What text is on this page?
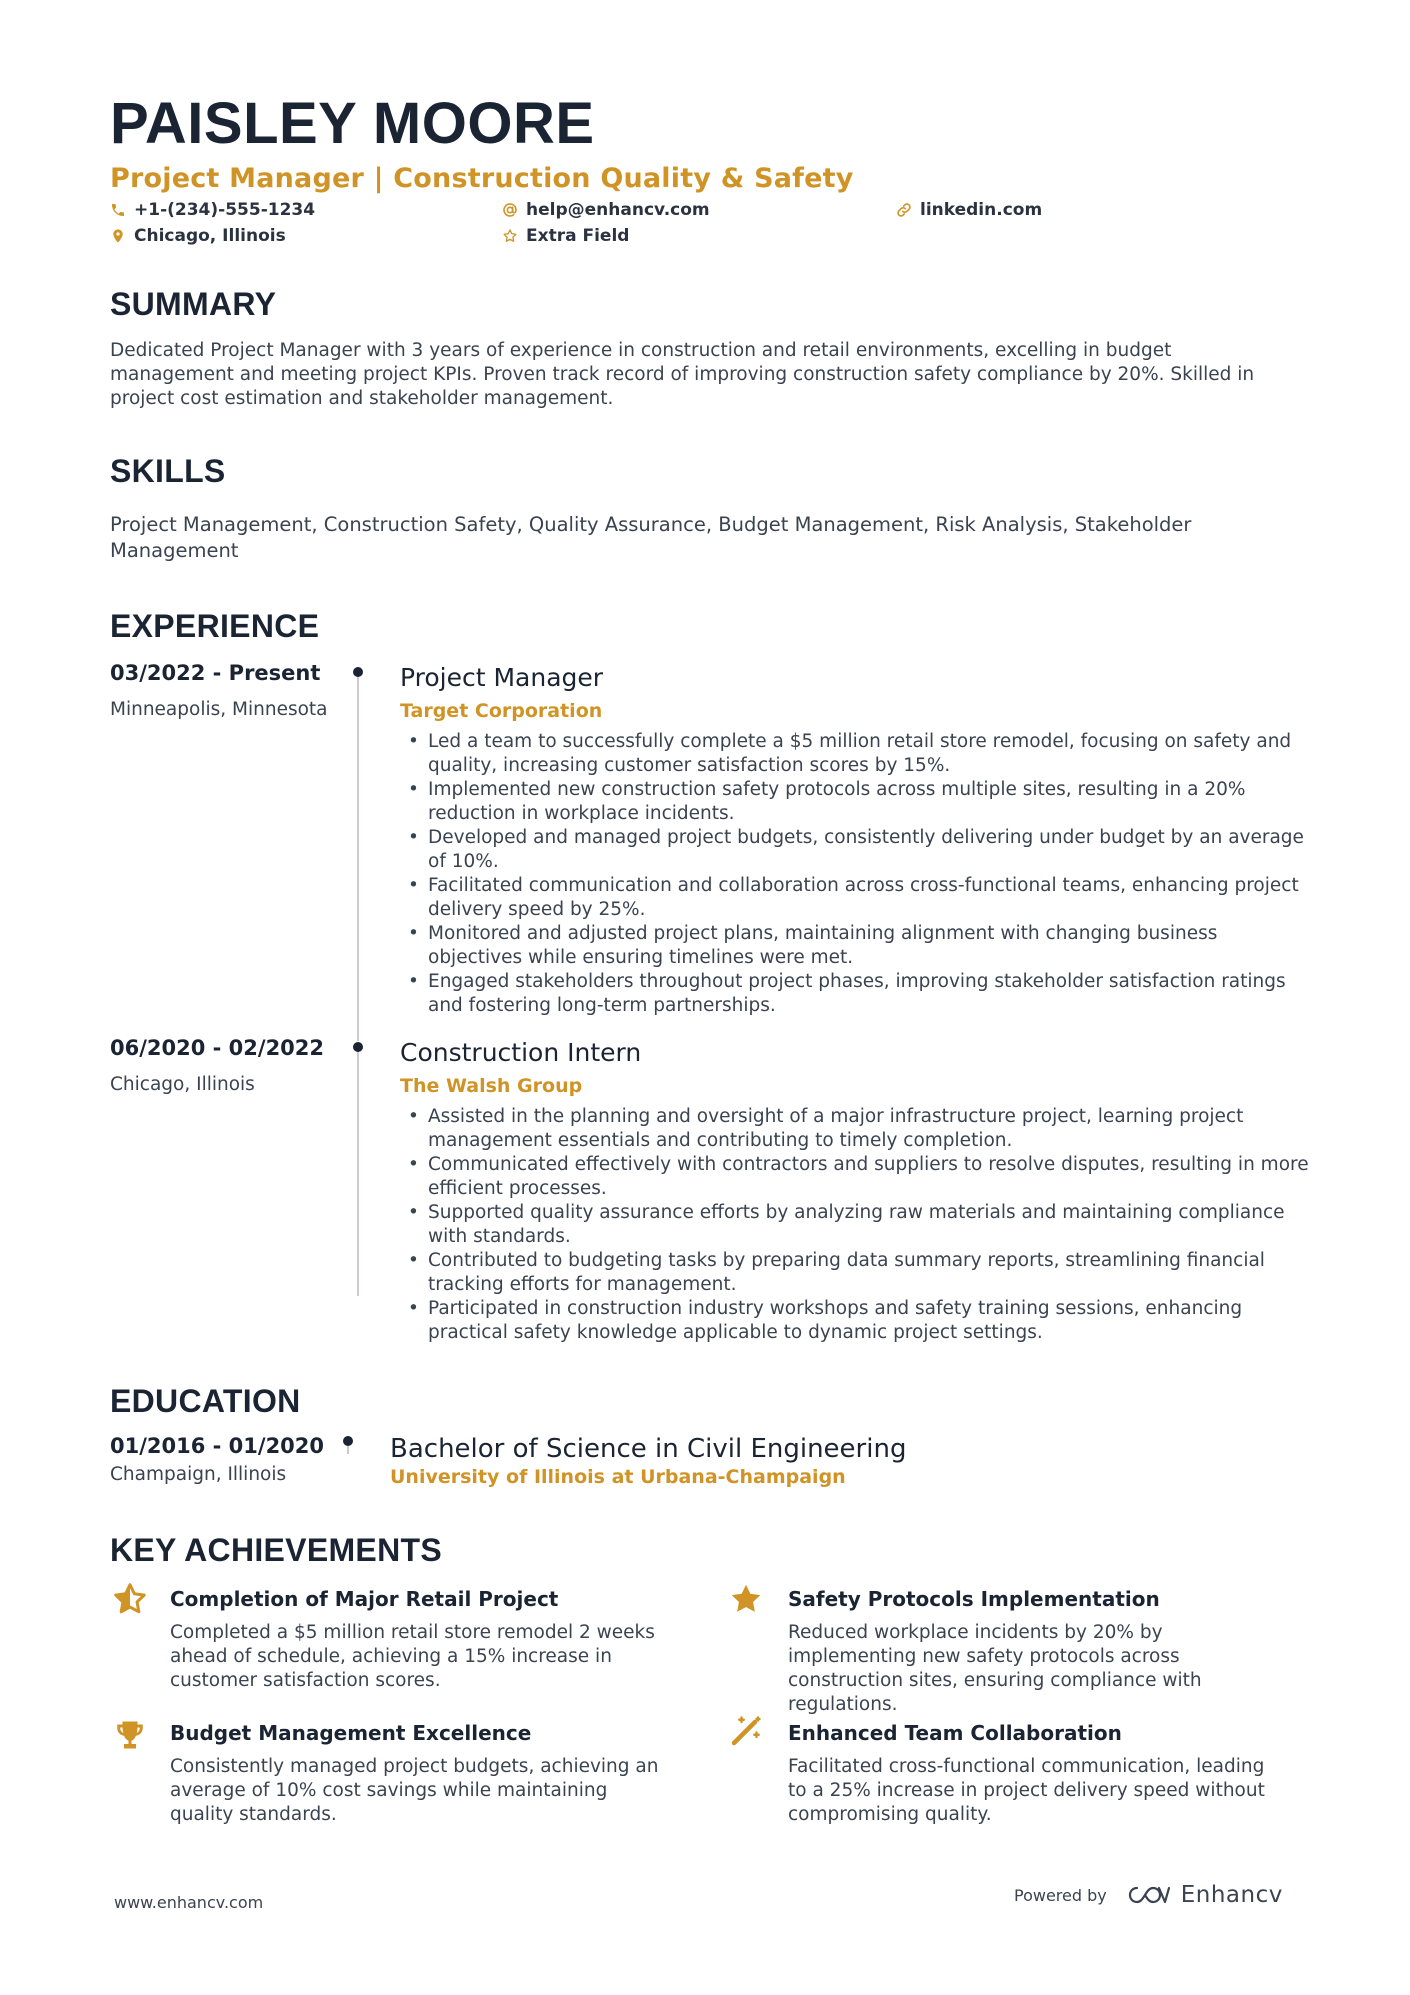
PAISLEY MOORE
Project Manager | Construction Quality & Safety
+1-(234)-555-1234	help@enhancv.com	linkedin.com
Chicago, Illinois	Extra Field
SUMMARY
Dedicated Project Manager with 3 years of experience in construction and retail environments, excelling in budget management and meeting project KPIs. Proven track record of improving construction safety compliance by 20%. Skilled in project cost estimation and stakeholder management.
SKILLS
Project Management, Construction Safety, Quality Assurance, Budget Management, Risk Analysis, Stakeholder Management
EXPERIENCE
03/2022 - Present
Minneapolis, Minnesota
Project Manager
Target Corporation
• Led a team to successfully complete a $5 million retail store remodel, focusing on safety and quality, increasing customer satisfaction scores by 15%.
• Implemented new construction safety protocols across multiple sites, resulting in a 20% reduction in workplace incidents.
• Developed and managed project budgets, consistently delivering under budget by an average of 10%.
• Facilitated communication and collaboration across cross-functional teams, enhancing project delivery speed by 25%.
• Monitored and adjusted project plans, maintaining alignment with changing business objectives while ensuring timelines were met.
• Engaged stakeholders throughout project phases, improving stakeholder satisfaction ratings and fostering long-term partnerships.
06/2020 - 02/2022
Chicago, Illinois
Construction Intern
The Walsh Group
• Assisted in the planning and oversight of a major infrastructure project, learning project management essentials and contributing to timely completion.
• Communicated effectively with contractors and suppliers to resolve disputes, resulting in more efficient processes.
• Supported quality assurance efforts by analyzing raw materials and maintaining compliance with standards.
• Contributed to budgeting tasks by preparing data summary reports, streamlining financial tracking efforts for management.
• Participated in construction industry workshops and safety training sessions, enhancing practical safety knowledge applicable to dynamic project settings.
EDUCATION
01/2016 - 01/2020
Champaign, Illinois
Bachelor of Science in Civil Engineering
University of Illinois at Urbana-Champaign
KEY ACHIEVEMENTS
Completion of Major Retail Project
Completed a $5 million retail store remodel 2 weeks ahead of schedule, achieving a 15% increase in customer satisfaction scores.
Safety Protocols Implementation
Reduced workplace incidents by 20% by implementing new safety protocols across construction sites, ensuring compliance with regulations.
Budget Management Excellence
Consistently managed project budgets, achieving an average of 10% cost savings while maintaining quality standards.
Enhanced Team Collaboration
Facilitated cross-functional communication, leading to a 25% increase in project delivery speed without compromising quality.
www.enhancv.com	Powered by	Enhancv
